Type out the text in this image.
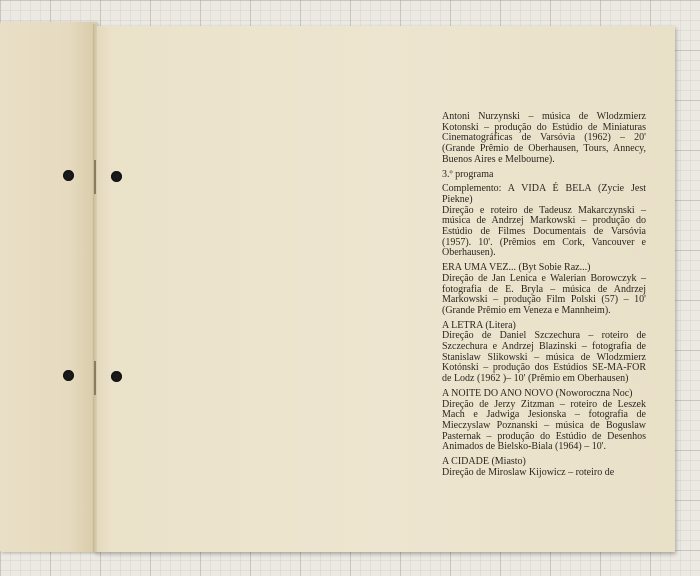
Antoni Nurzynski – música de Wlodzmierz Kotonski – produção do Estúdio de Miniaturas Cinematográficas de Varsóvia (1962) – 20' (Grande Prêmio de Oberhausen, Tours, Annecy, Buenos Aires e Melbourne).

3.º programa

Complemento: A VIDA É BELA (Zycie Jest Piekne)

Direção e roteiro de Tadeusz Makarczynski – música de Andrzej Markowski – produção do Estúdio de Filmes Documentais de Varsóvia (1957). 10'. (Prêmios em Cork, Vancouver e Oberhausen).

ERA UMA VEZ... (Byt Sobie Raz...)

Direção de Jan Lenica e Walerian Borowczyk – fotografia de E. Bryla – música de Andrzej Markowski – produção Film Polski (57) – 10' (Grande Prêmio em Veneza e Mannheim).

A LETRA (Litera)

Direção de Daniel Szczechura – roteiro de Szczechura e Andrzej Blazinski – fotografia de Stanislaw Slikowski – música de Wlodzmierz Kotónski – produção dos Estúdios SE-MA-FOR de Lodz (1962 )– 10' (Prêmio em Oberhausen)

A NOITE DO ANO NOVO (Noworoczna Noc)

Direção de Jerzy Zitzman – roteiro de Leszek Mach e Jadwiga Jesionska – fotografia de Mieczyslaw Poznanski – música de Boguslaw Pasternak – produção do Estúdio de Desenhos Animados de Bielsko-Biala (1964) – 10'.

A CIDADE (Miasto)

Direção de Miroslaw Kijowicz – roteiro de
